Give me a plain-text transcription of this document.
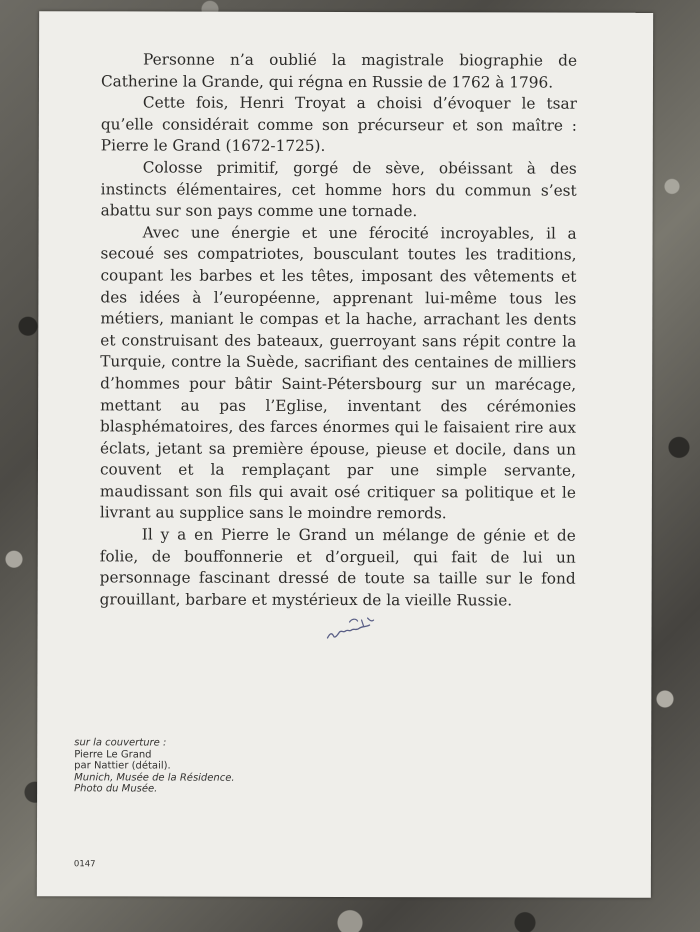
Personne n’a oublié la magistrale biographie de Catherine la Grande, qui régna en Russie de 1762 à 1796.

Cette fois, Henri Troyat a choisi d’évoquer le tsar qu’elle considérait comme son précurseur et son maître : Pierre le Grand (1672-1725).

Colosse primitif, gorgé de sève, obéissant à des instincts élémentaires, cet homme hors du commun s’est abattu sur son pays comme une tornade.

Avec une énergie et une férocité incroyables, il a secoué ses compatriotes, bousculant toutes les traditions, coupant les barbes et les têtes, imposant des vêtements et des idées à l’européenne, apprenant lui-même tous les métiers, maniant le compas et la hache, arrachant les dents et construisant des bateaux, guerroyant sans répit contre la Turquie, contre la Suède, sacrifiant des centaines de milliers d’hommes pour bâtir Saint-Pétersbourg sur un marécage, mettant au pas l’Eglise, inventant des cérémonies blasphématoires, des farces énormes qui le faisaient rire aux éclats, jetant sa première épouse, pieuse et docile, dans un couvent et la remplaçant par une simple servante, maudissant son fils qui avait osé critiquer sa politique et le livrant au supplice sans le moindre remords.

Il y a en Pierre le Grand un mélange de génie et de folie, de bouffonnerie et d’orgueil, qui fait de lui un personnage fascinant dressé de toute sa taille sur le fond grouillant, barbare et mystérieux de la vieille Russie.

sur la couverture :
Pierre Le Grand
par Nattier (détail).
Munich, Musée de la Résidence.
Photo du Musée.
0147
